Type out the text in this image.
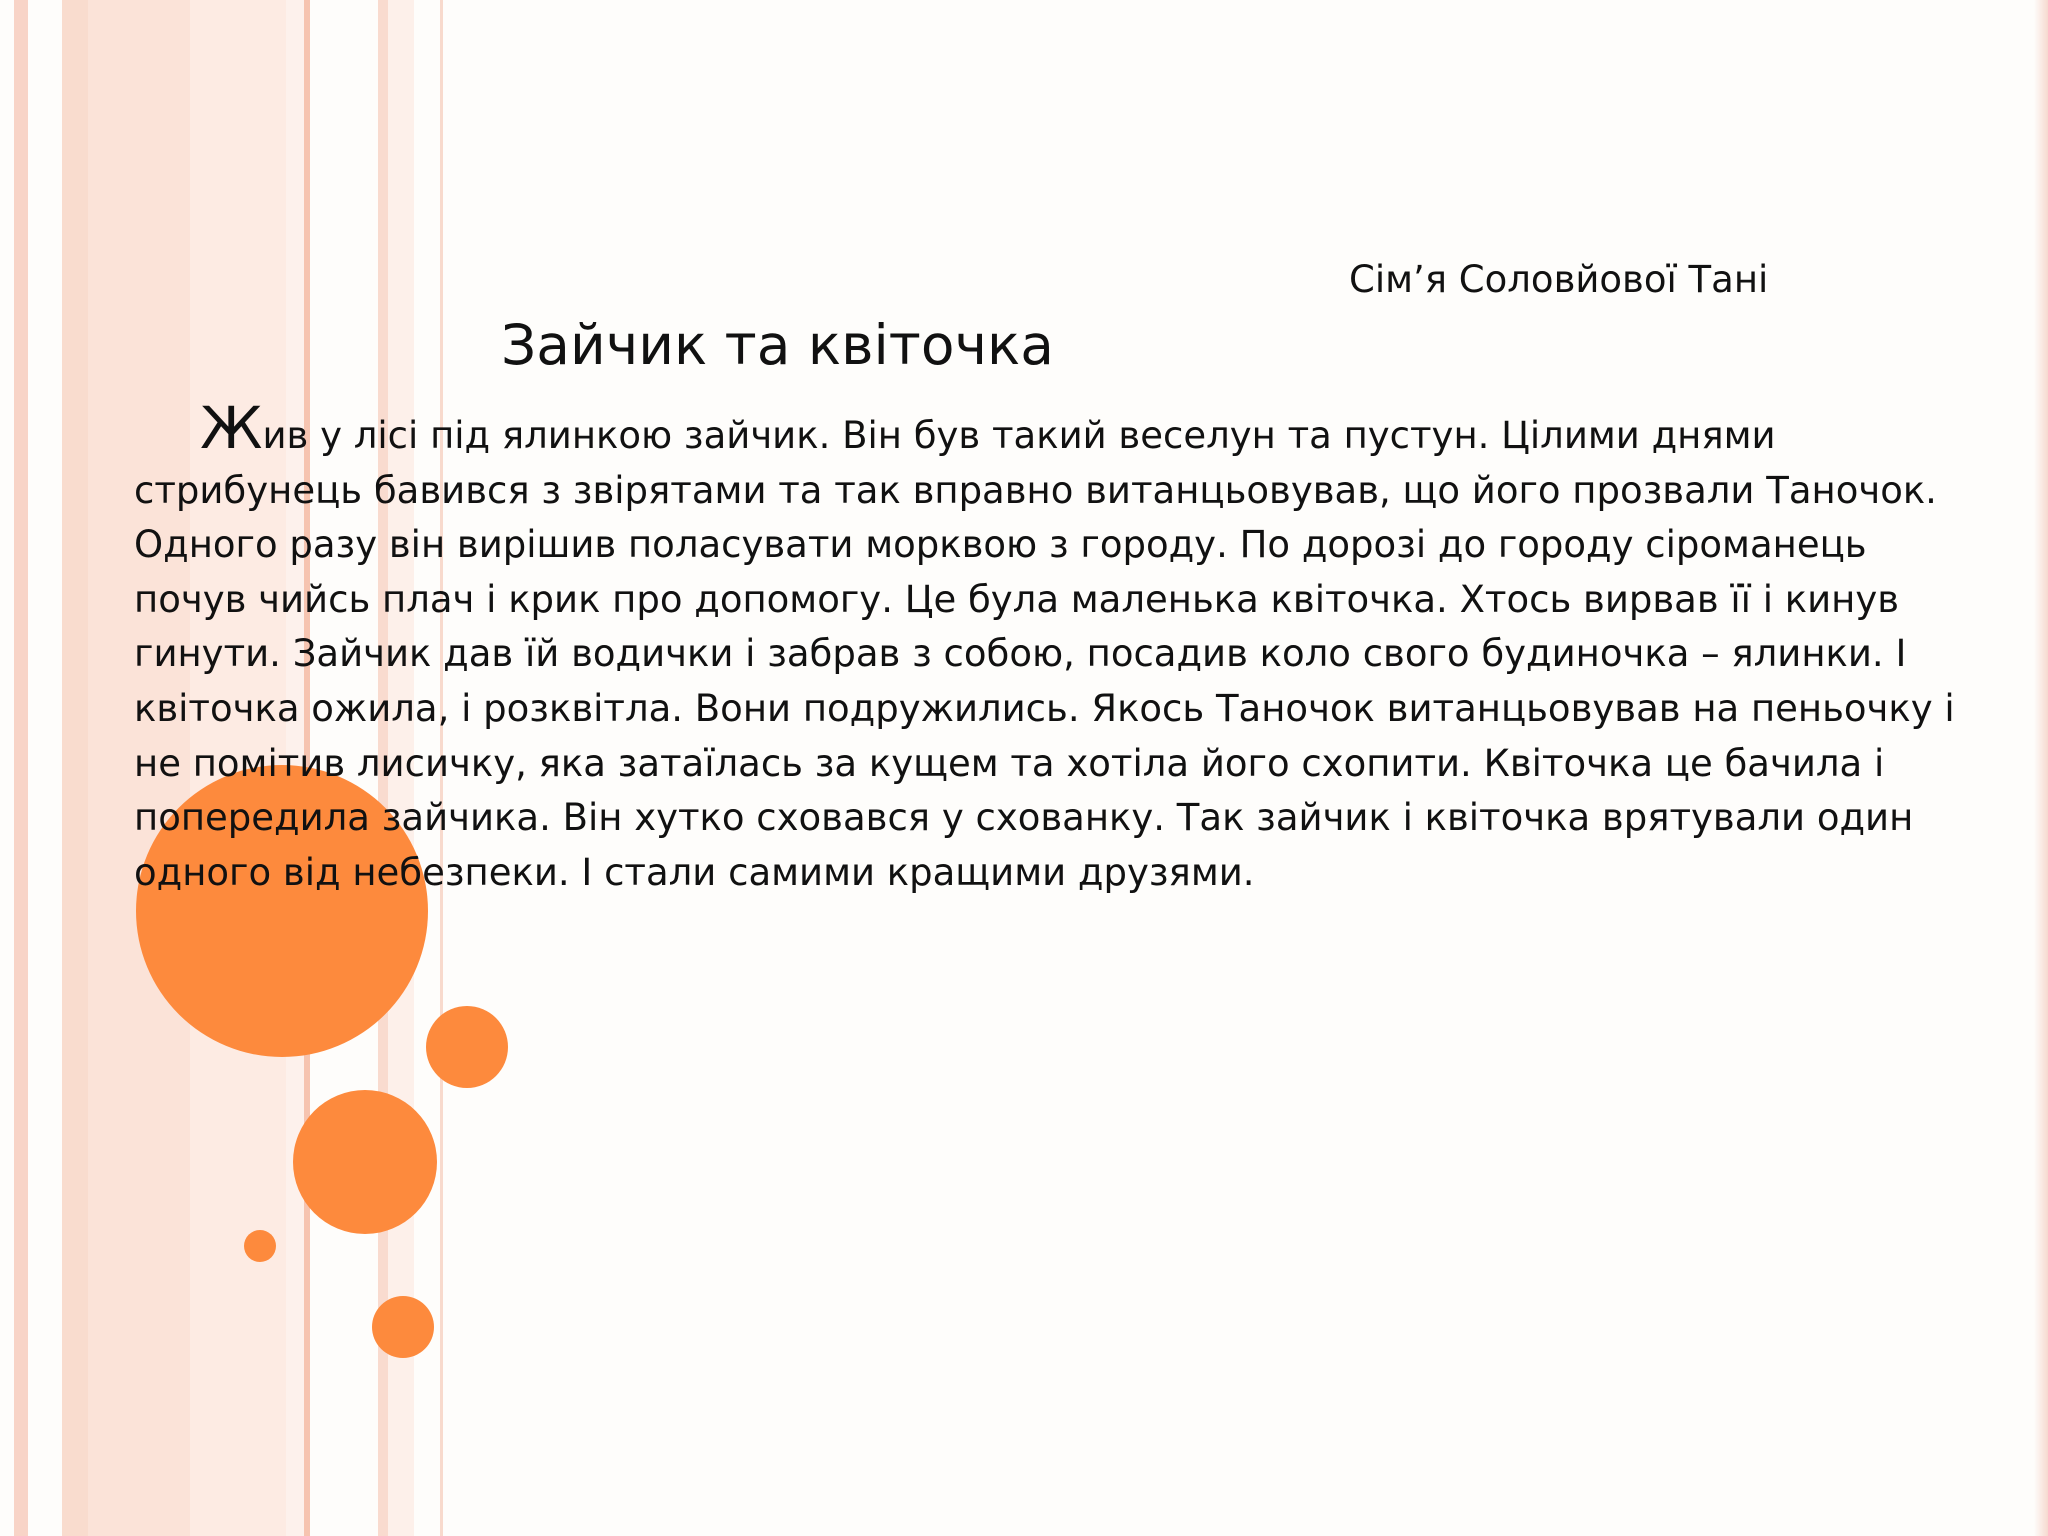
Сім’я Соловйової Тані
Зайчик та квіточка

Жив у лісі під ялинкою зайчик. Він був такий веселун та пустун. Цілими днями стрибунець бавився з звірятами та так вправно витанцьовував, що його прозвали Таночок. Одного разу він вирішив поласувати морквою з городу. По дорозі до городу сіроманець почув чийсь плач і крик про допомогу. Це була маленька квіточка. Хтось вирвав її і кинув гинути. Зайчик дав їй водички і забрав з собою, посадив коло свого будиночка – ялинки. І квіточка ожила, і розквітла. Вони подружились. Якось Таночок витанцьовував на пеньочку і не помітив лисичку, яка затаїлась за кущем та хотіла його схопити. Квіточка це бачила і попередила зайчика. Він хутко сховався у схованку. Так зайчик і квіточка врятували один одного від небезпеки. І стали самими кращими друзями.
